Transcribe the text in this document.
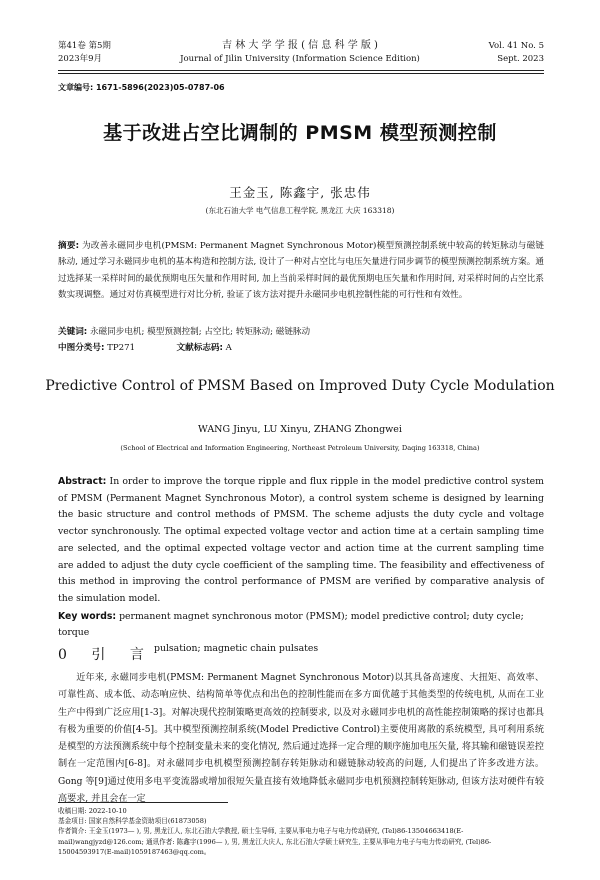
第41卷 第5期
2023年9月
吉 林 大 学 学 报 ( 信 息 科 学 版 )
Journal of Jilin University (Information Science Edition)
Vol. 41 No. 5
Sept. 2023
文章编号: 1671-5896(2023)05-0787-06
基于改进占空比调制的 PMSM 模型预测控制
王金玉, 陈鑫宇, 张忠伟
(东北石油大学 电气信息工程学院, 黑龙江 大庆 163318)
摘要: 为改善永磁同步电机(PMSM: Permanent Magnet Synchronous Motor)模型预测控制系统中较高的转矩脉动与磁链脉动, 通过学习永磁同步电机的基本构造和控制方法, 设计了一种对占空比与电压矢量进行同步调节的模型预测控制系统方案。通过选择某一采样时间的最优预期电压矢量和作用时间, 加上当前采样时间的最优预期电压矢量和作用时间, 对采样时间的占空比系数实现调整。通过对仿真模型进行对比分析, 验证了该方法对提升永磁同步电机控制性能的可行性和有效性。
关键词: 永磁同步电机; 模型预测控制; 占空比; 转矩脉动; 磁链脉动
中图分类号: TP271	文献标志码: A
Predictive Control of PMSM Based on Improved Duty Cycle Modulation
WANG Jinyu, LU Xinyu, ZHANG Zhongwei
(School of Electrical and Information Engineering, Northeast Petroleum University, Daqing 163318, China)
Abstract: In order to improve the torque ripple and flux ripple in the model predictive control system of PMSM (Permanent Magnet Synchronous Motor), a control system scheme is designed by learning the basic structure and control methods of PMSM. The scheme adjusts the duty cycle and voltage vector synchronously. The optimal expected voltage vector and action time at a certain sampling time are selected, and the optimal expected voltage vector and action time at the current sampling time are added to adjust the duty cycle coefficient of the sampling time. The feasibility and effectiveness of this method in improving the control performance of PMSM are verified by comparative analysis of the simulation model.
Key words: permanent magnet synchronous motor (PMSM); model predictive control; duty cycle; torque
pulsation; magnetic chain pulsates
0 引 言
近年来, 永磁同步电机(PMSM: Permanent Magnet Synchronous Motor)以其具备高速度、大扭矩、高效率、可靠性高、成本低、动态响应快、结构简单等优点和出色的控制性能而在多方面优越于其他类型的传统电机, 从而在工业生产中得到广泛应用[1-3]。对解决现代控制策略更高效的控制要求, 以及对永磁同步电机的高性能控制策略的探讨也都具有极为重要的价值[4-5]。其中模型预测控制系统(Model Predictive Control)主要使用离散的系统模型, 具可利用系统是模型的方法预测系统中每个控制变量未来的变化情况, 然后通过选择一定合理的顺序施加电压矢量, 将其输和磁链误差控制在一定范围内[6-8]。对永磁同步电机模型预测控制存转矩脉动和磁链脉动较高的问题, 人们提出了许多改进方法。Gong 等[9]通过使用多电平变流器或增加很短矢量直接有效地降低永磁同步电机预测控制转矩脉动, 但该方法对硬件有较高要求, 并且会在一定
收稿日期: 2022-10-10
基金项目: 国家自然科学基金资助项目(61873058)
作者简介: 王金玉(1973— ), 男, 黑龙江人, 东北石油大学教授, 硕士生导师, 主要从事电力电子与电力传动研究, (Tel)86-13504663418(E-mail)wangjyzd@126.com; 通讯作者: 陈鑫宇(1996— ), 男, 黑龙江大庆人, 东北石油大学硕士研究生, 主要从事电力电子与电力传动研究, (Tel)86-15004593917(E-mail)1059187463@qq.com。
